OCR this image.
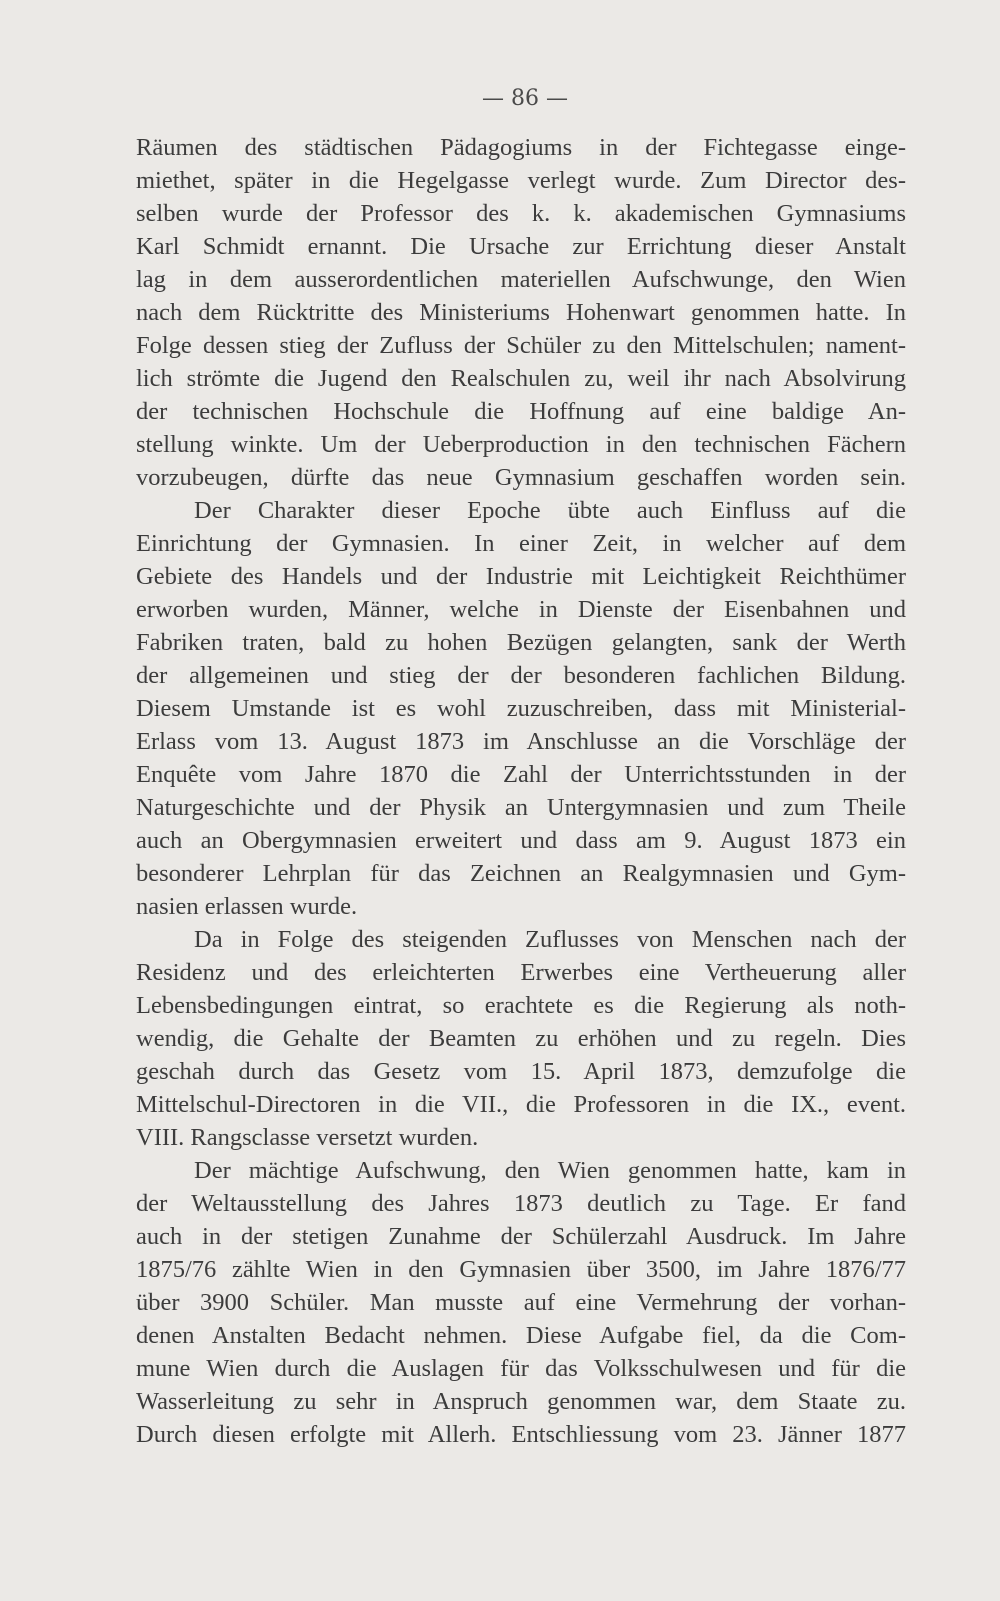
— 86 —
Räumen des städtischen Pädagogiums in der Fichtegasse einge-
miethet, später in die Hegelgasse verlegt wurde. Zum Director des-
selben wurde der Professor des k. k. akademischen Gymnasiums
Karl Schmidt ernannt. Die Ursache zur Errichtung dieser Anstalt
lag in dem ausserordentlichen materiellen Aufschwunge, den Wien
nach dem Rücktritte des Ministeriums Hohenwart genommen hatte. In
Folge dessen stieg der Zufluss der Schüler zu den Mittelschulen; nament-
lich strömte die Jugend den Realschulen zu, weil ihr nach Absolvirung
der technischen Hochschule die Hoffnung auf eine baldige An-
stellung winkte. Um der Ueberproduction in den technischen Fächern
vorzubeugen, dürfte das neue Gymnasium geschaffen worden sein.
Der Charakter dieser Epoche übte auch Einfluss auf die
Einrichtung der Gymnasien. In einer Zeit, in welcher auf dem
Gebiete des Handels und der Industrie mit Leichtigkeit Reichthümer
erworben wurden, Männer, welche in Dienste der Eisenbahnen und
Fabriken traten, bald zu hohen Bezügen gelangten, sank der Werth
der allgemeinen und stieg der der besonderen fachlichen Bildung.
Diesem Umstande ist es wohl zuzuschreiben, dass mit Ministerial-
Erlass vom 13. August 1873 im Anschlusse an die Vorschläge der
Enquête vom Jahre 1870 die Zahl der Unterrichtsstunden in der
Naturgeschichte und der Physik an Untergymnasien und zum Theile
auch an Obergymnasien erweitert und dass am 9. August 1873 ein
besonderer Lehrplan für das Zeichnen an Realgymnasien und Gym-
nasien erlassen wurde.
Da in Folge des steigenden Zuflusses von Menschen nach der
Residenz und des erleichterten Erwerbes eine Vertheuerung aller
Lebensbedingungen eintrat, so erachtete es die Regierung als noth-
wendig, die Gehalte der Beamten zu erhöhen und zu regeln. Dies
geschah durch das Gesetz vom 15. April 1873, demzufolge die
Mittelschul-Directoren in die VII., die Professoren in die IX., event.
VIII. Rangsclasse versetzt wurden.
Der mächtige Aufschwung, den Wien genommen hatte, kam in
der Weltausstellung des Jahres 1873 deutlich zu Tage. Er fand
auch in der stetigen Zunahme der Schülerzahl Ausdruck. Im Jahre
1875/76 zählte Wien in den Gymnasien über 3500, im Jahre 1876/77
über 3900 Schüler. Man musste auf eine Vermehrung der vorhan-
denen Anstalten Bedacht nehmen. Diese Aufgabe fiel, da die Com-
mune Wien durch die Auslagen für das Volksschulwesen und für die
Wasserleitung zu sehr in Anspruch genommen war, dem Staate zu.
Durch diesen erfolgte mit Allerh. Entschliessung vom 23. Jänner 1877
